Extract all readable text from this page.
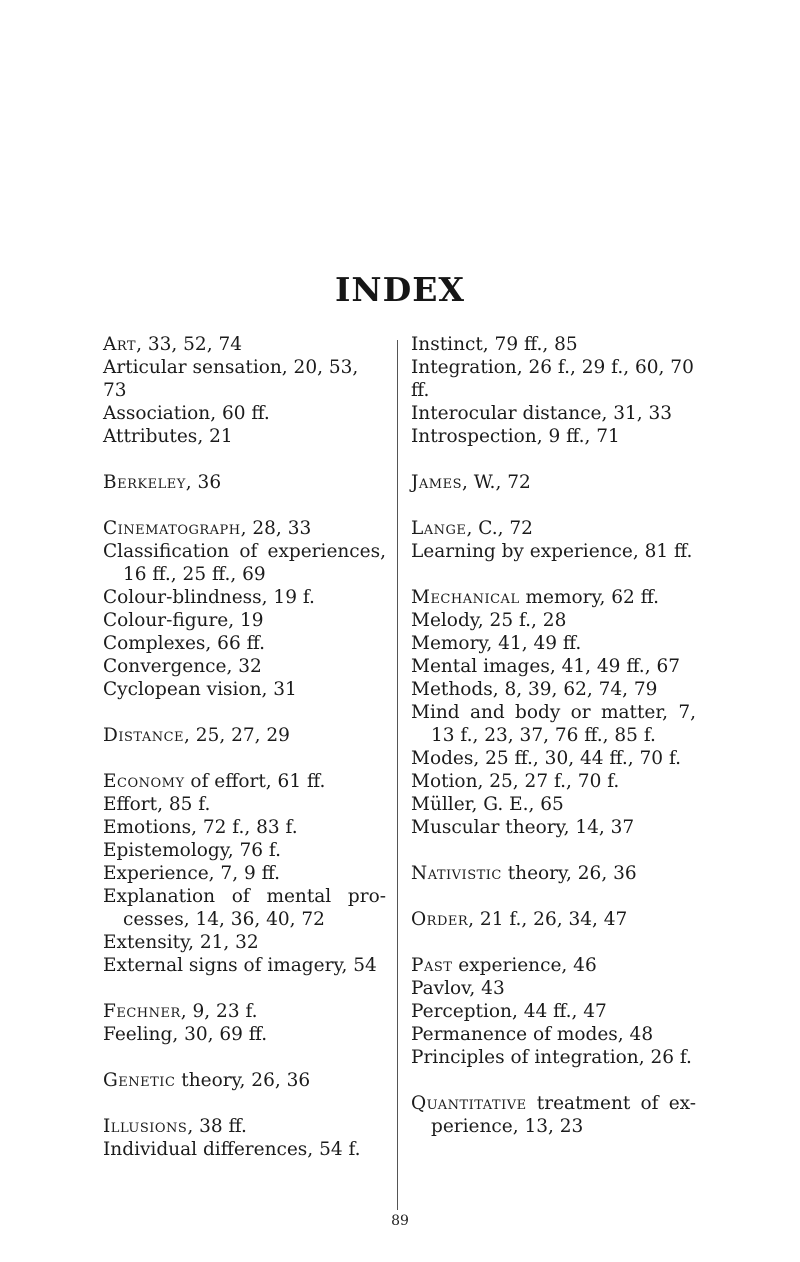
INDEX
Art, 33, 52, 74
Articular sensation, 20, 53, 73
Association, 60 ff.
Attributes, 21
Berkeley, 36
Cinematograph, 28, 33
Classification of experiences,
16 ff., 25 ff., 69
Colour-blindness, 19 f.
Colour-figure, 19
Complexes, 66 ff.
Convergence, 32
Cyclopean vision, 31
Distance, 25, 27, 29
Economy of effort, 61 ff.
Effort, 85 f.
Emotions, 72 f., 83 f.
Epistemology, 76 f.
Experience, 7, 9 ff.
Explanation of mental pro-
cesses, 14, 36, 40, 72
Extensity, 21, 32
External signs of imagery, 54
Fechner, 9, 23 f.
Feeling, 30, 69 ff.
Genetic theory, 26, 36
Illusions, 38 ff.
Individual differences, 54 f.
Instinct, 79 ff., 85
Integration, 26 f., 29 f., 60, 70 ff.
Interocular distance, 31, 33
Introspection, 9 ff., 71
James, W., 72
Lange, C., 72
Learning by experience, 81 ff.
Mechanical memory, 62 ff.
Melody, 25 f., 28
Memory, 41, 49 ff.
Mental images, 41, 49 ff., 67
Methods, 8, 39, 62, 74, 79
Mind and body or matter, 7,
13 f., 23, 37, 76 ff., 85 f.
Modes, 25 ff., 30, 44 ff., 70 f.
Motion, 25, 27 f., 70 f.
Müller, G. E., 65
Muscular theory, 14, 37
Nativistic theory, 26, 36
Order, 21 f., 26, 34, 47
Past experience, 46
Pavlov, 43
Perception, 44 ff., 47
Permanence of modes, 48
Principles of integration, 26 f.
Quantitative treatment of ex-
perience, 13, 23
89
